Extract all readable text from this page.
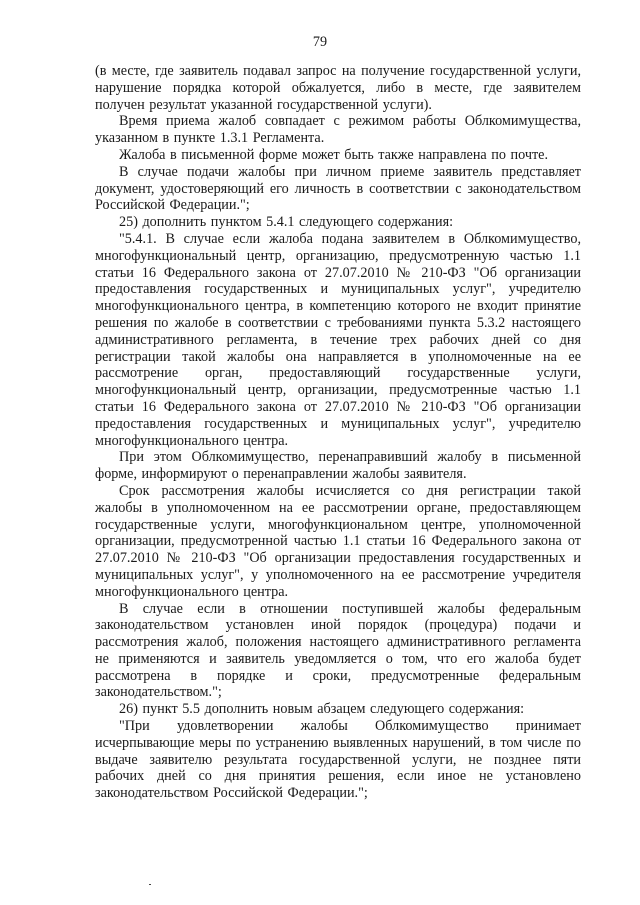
79

(в месте, где заявитель подавал запрос на получение государственной услуги, нарушение порядка которой обжалуется, либо в месте, где заявителем получен результат указанной государственной услуги).

Время приема жалоб совпадает с режимом работы Облкомимущества, указанном в пункте 1.3.1 Регламента.

Жалоба в письменной форме может быть также направлена по почте.

В случае подачи жалобы при личном приеме заявитель представляет документ, удостоверяющий его личность в соответствии с законодательством Российской Федерации.";

25) дополнить пунктом 5.4.1 следующего содержания:

"5.4.1. В случае если жалоба подана заявителем в Облкомимущество, многофункциональный центр, организацию, предусмотренную частью 1.1 статьи 16 Федерального закона от 27.07.2010 № 210-ФЗ "Об организации предоставления государственных и муниципальных услуг", учредителю многофункционального центра, в компетенцию которого не входит принятие решения по жалобе в соответствии с требованиями пункта 5.3.2 настоящего административного регламента, в течение трех рабочих дней со дня регистрации такой жалобы она направляется в уполномоченные на ее рассмотрение орган, предоставляющий государственные услуги, многофункциональный центр, организации, предусмотренные частью 1.1 статьи 16 Федерального закона от 27.07.2010 № 210-ФЗ "Об организации предоставления государственных и муниципальных услуг", учредителю многофункционального центра.

При этом Облкомимущество, перенаправивший жалобу в письменной форме, информируют о перенаправлении жалобы заявителя.

Срок рассмотрения жалобы исчисляется со дня регистрации такой жалобы в уполномоченном на ее рассмотрении органе, предоставляющем государственные услуги, многофункциональном центре, уполномоченной организации, предусмотренной частью 1.1 статьи 16 Федерального закона от 27.07.2010 № 210-ФЗ "Об организации предоставления государственных и муниципальных услуг", у уполномоченного на ее рассмотрение учредителя многофункционального центра.

В случае если в отношении поступившей жалобы федеральным законодательством установлен иной порядок (процедура) подачи и рассмотрения жалоб, положения настоящего административного регламента не применяются и заявитель уведомляется о том, что его жалоба будет рассмотрена в порядке и сроки, предусмотренные федеральным законодательством.";

26) пункт 5.5 дополнить новым абзацем следующего содержания:

"При удовлетворении жалобы Облкомимущество принимает исчерпывающие меры по устранению выявленных нарушений, в том числе по выдаче заявителю результата государственной услуги, не позднее пяти рабочих дней со дня принятия решения, если иное не установлено законодательством Российской Федерации.";
